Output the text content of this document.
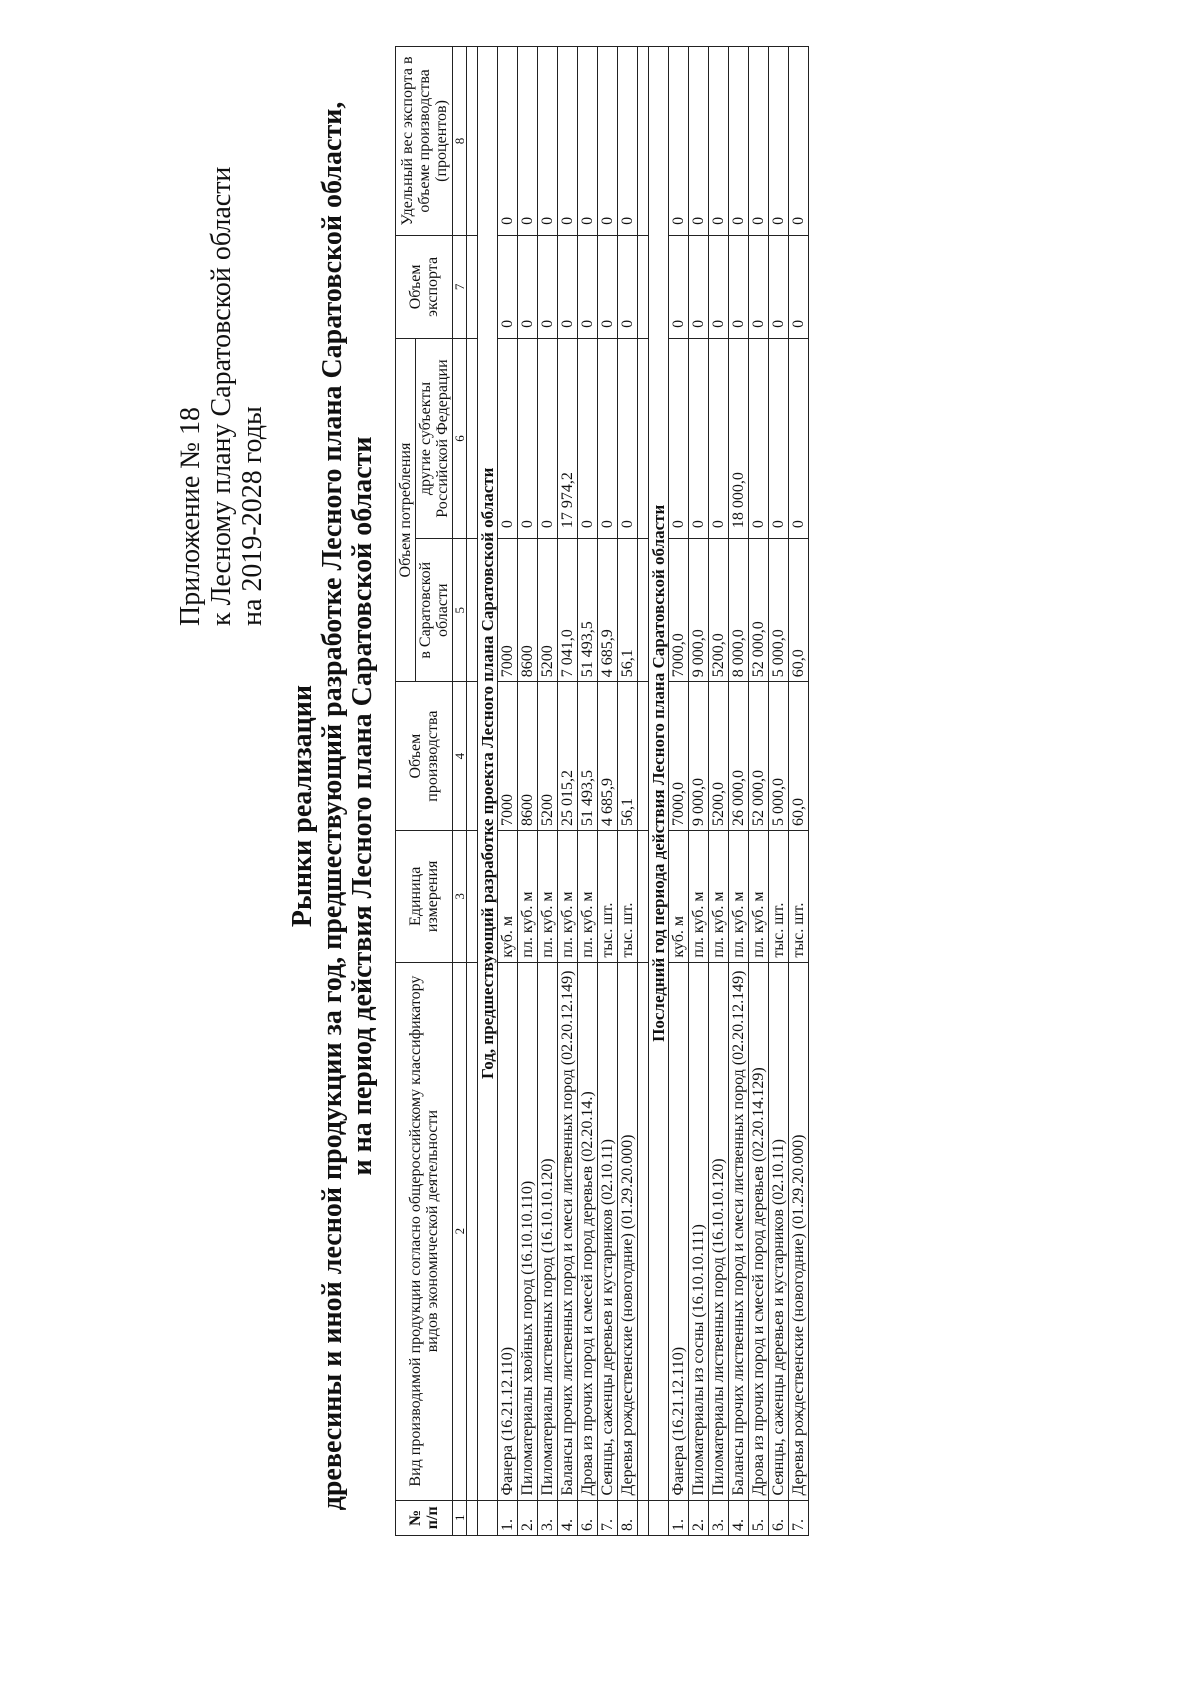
Приложение № 18 к Лесному плану Саратовской области на 2019-2028 годы
Рынки реализации древесины и иной лесной продукции за год, предшествующий разработке Лесного плана Саратовской области, и на период действия Лесного плана Саратовской области
№ п/п	Вид производимой продукции согласно общероссийскому классификатору видов экономической деятельности	Единица измерения	Объем производства	Объем потребления		Объем экспорта	Удельный вес экспорта в объеме производства (процентов)
				в Саратовской области	другие субъекты Российской Федерации		
1	2	3	4	5	6	7	8

	Год, предшествующий разработке проекта Лесного плана Саратовской области						
1.	Фанера (16.21.12.110)	куб. м	7000	7000	0	0	0
2.	Пиломатериалы хвойных пород (16.10.10.110)	пл. куб. м	8600	8600	0	0	0
3.	Пиломатериалы лиственных пород (16.10.10.120)	пл. куб. м	5200	5200	0	0	0
4.	Балансы прочих лиственных пород и смеси лиственных пород (02.20.12.149)	пл. куб. м	25 015,2	7 041,0	17 974,2	0	0
6.	Дрова из прочих пород и смесей пород деревьев (02.20.14.)	пл. куб. м	51 493,5	51 493,5	0	0	0
7.	Сеянцы, саженцы деревьев и кустарников (02.10.11)	тыс. шт.	4 685,9	4 685,9	0	0	0
8.	Деревья рождественские (новогодние) (01.29.20.000)	тыс. шт.	56,1	56,1	0	0	0

	Последний год периода действия Лесного плана Саратовской области						
1.	Фанера (16.21.12.110)	куб. м	7000,0	7000,0	0	0	0
2.	Пиломатериалы из сосны (16.10.10.111)	пл. куб. м	9 000,0	9 000,0	0	0	0
3.	Пиломатериалы лиственных пород (16.10.10.120)	пл. куб. м	5200,0	5200,0	0	0	0
4.	Балансы прочих лиственных пород и смеси лиственных пород (02.20.12.149)	пл. куб. м	26 000,0	8 000,0	18 000,0	0	0
5.	Дрова из прочих пород и смесей пород деревьев (02.20.14.129)	пл. куб. м	52 000,0	52 000,0	0	0	0
6.	Сеянцы, саженцы деревьев и кустарников (02.10.11)	тыс. шт.	5 000,0	5 000,0	0	0	0
7.	Деревья рождественские (новогодние) (01.29.20.000)	тыс. шт.	60,0	60,0	0	0	0
